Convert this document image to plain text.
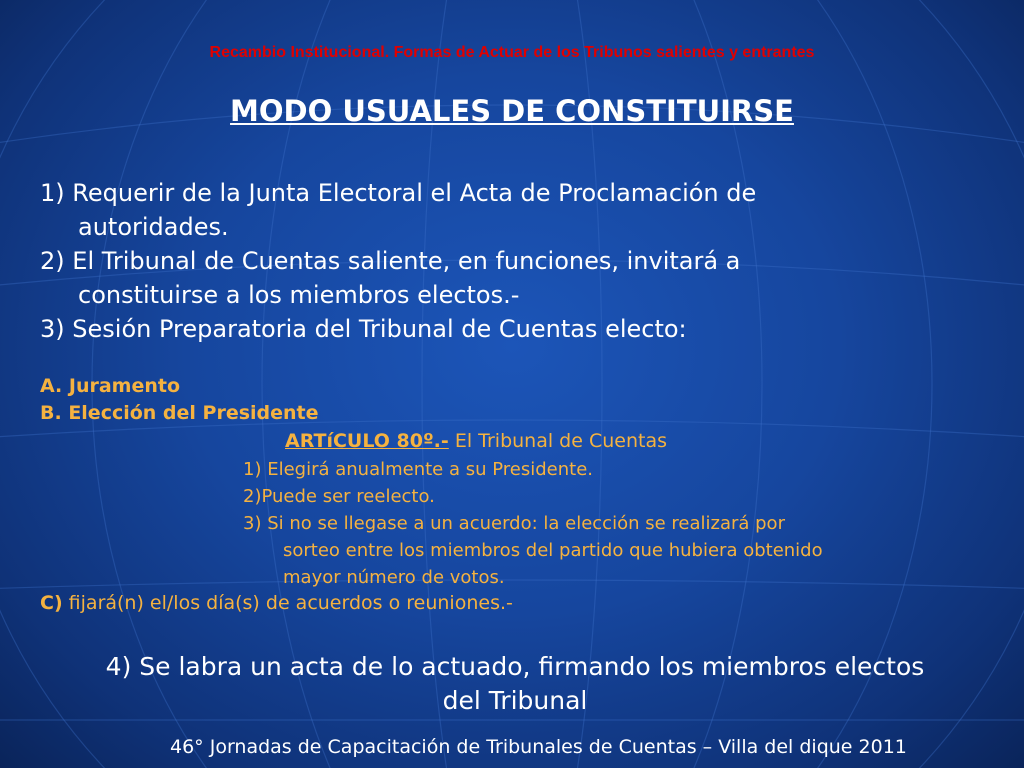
Recambio Institucional. Formas de Actuar de los Tribunos salientes y entrantes

MODO USUALES DE CONSTITUIRSE

1) Requerir de la Junta Electoral el Acta de Proclamación de
autoridades.
2) El Tribunal de Cuentas saliente, en funciones, invitará a
constituirse a los miembros electos.-
3) Sesión Preparatoria del Tribunal de Cuentas electo:

A. Juramento

B. Elección del Presidente

ARTíCULO 80º.- El Tribunal de Cuentas

1) Elegirá anualmente a su Presidente.

2)Puede ser reelecto.

3) Si no se llegase a un acuerdo: la elección se realizará por
sorteo entre los miembros del partido que hubiera obtenido
mayor número de votos.

C) fijará(n) el/los día(s) de acuerdos o reuniones.-

4) Se labra un acta de lo actuado, firmando los miembros electos
del Tribunal

46° Jornadas de Capacitación de Tribunales de Cuentas – Villa del dique 2011
